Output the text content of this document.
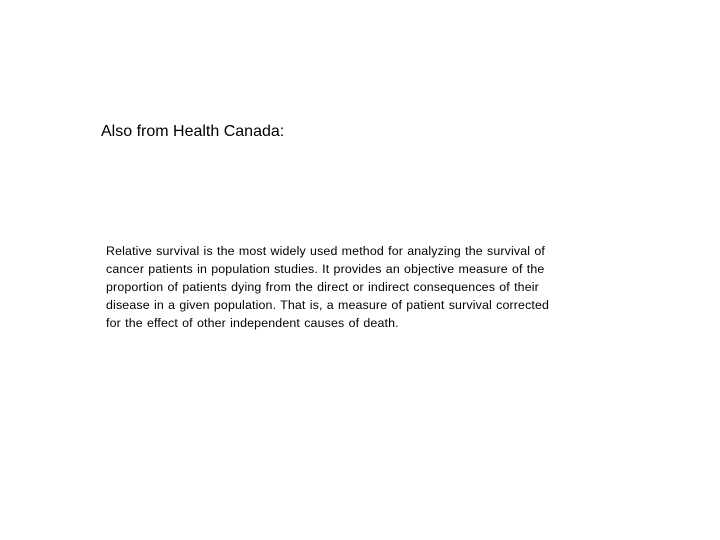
Also from Health Canada:

Relative survival is the most widely used method for analyzing the survival of
cancer patients in population studies. It provides an objective measure of the
proportion of patients dying from the direct or indirect consequences of their
disease in a given population. That is, a measure of patient survival corrected
for the effect of other independent causes of death.
